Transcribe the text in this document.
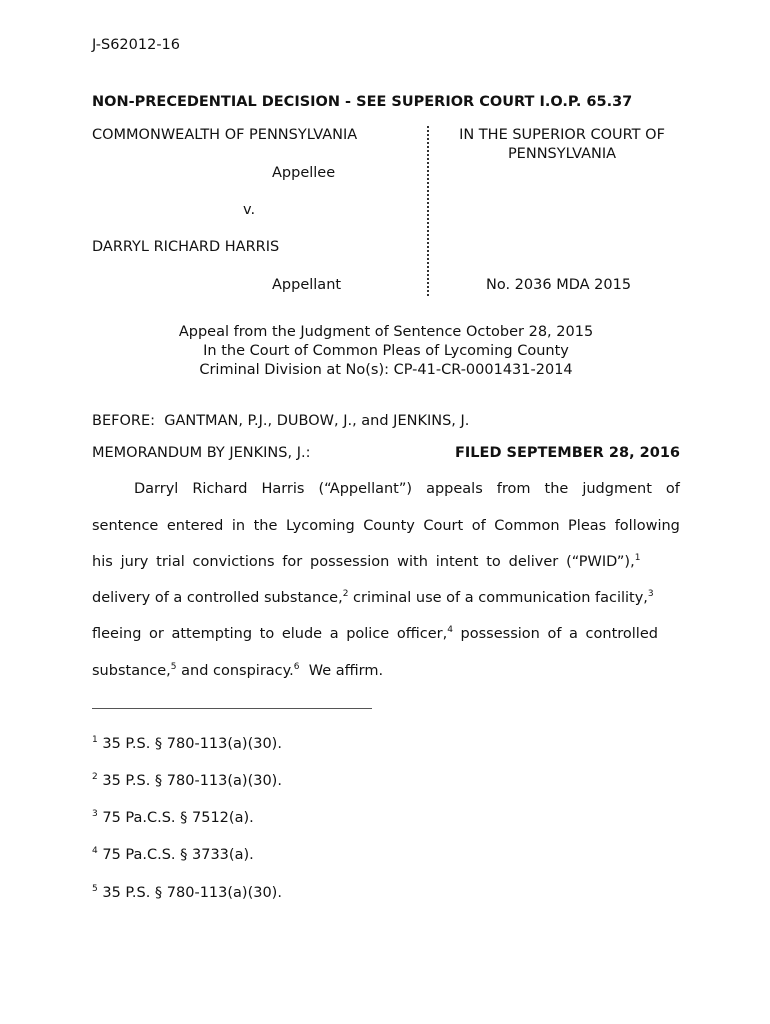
J-S62012-16
NON-PRECEDENTIAL DECISION - SEE SUPERIOR COURT I.O.P. 65.37
COMMONWEALTH OF PENNSYLVANIA
Appellee
v.
DARRYL RICHARD HARRIS
Appellant
IN THE SUPERIOR COURT OF
PENNSYLVANIA
No. 2036 MDA 2015
Appeal from the Judgment of Sentence October 28, 2015
In the Court of Common Pleas of Lycoming County
Criminal Division at No(s): CP-41-CR-0001431-2014
BEFORE:  GANTMAN, P.J., DUBOW, J., and JENKINS, J.
MEMORANDUM BY JENKINS, J.:	FILED SEPTEMBER 28, 2016
Darryl Richard Harris (“Appellant”) appeals from the judgment of
sentence entered in the Lycoming County Court of Common Pleas following
his jury trial convictions for possession with intent to deliver (“PWID”),$^1$
delivery of a controlled substance,$^2$ criminal use of a communication facility,$^3$
fleeing or attempting to elude a police officer,$^4$ possession of a controlled
substance,$^5$ and conspiracy.$^6$  We affirm.
$^1$ 35 P.S. § 780-113(a)(30).
$^2$ 35 P.S. § 780-113(a)(30).
$^3$ 75 Pa.C.S. § 7512(a).
$^4$ 75 Pa.C.S. § 3733(a).
$^5$ 35 P.S. § 780-113(a)(30).
